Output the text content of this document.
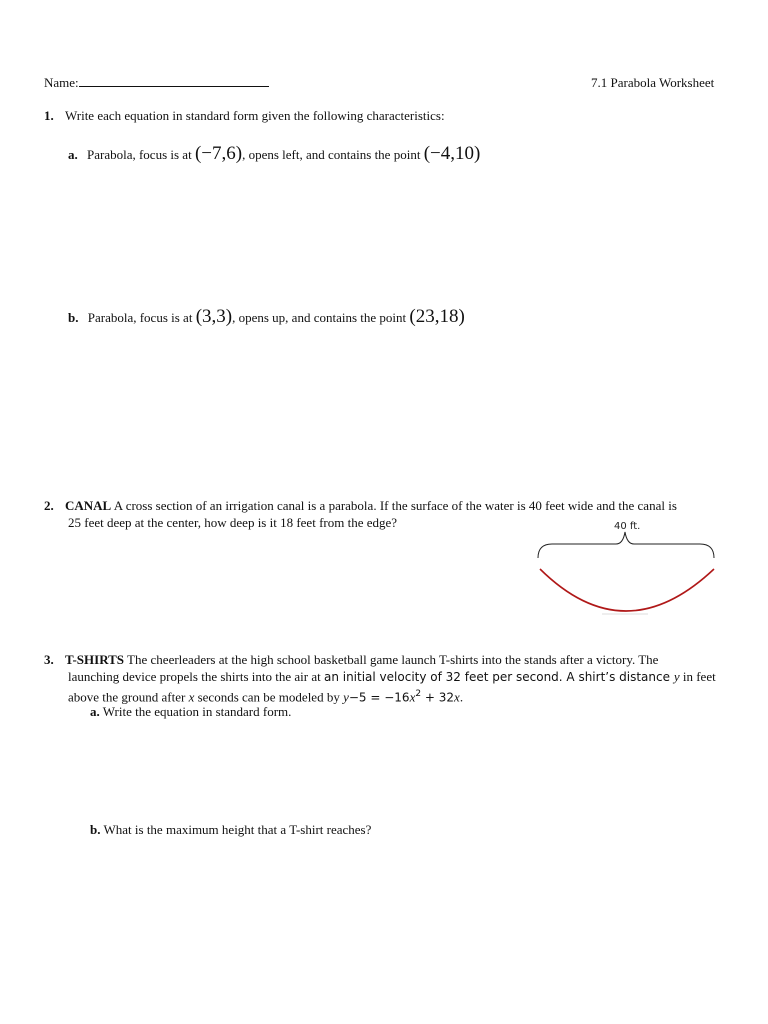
Name:	7.1 Parabola Worksheet
1. Write each equation in standard form given the following characteristics:
a. Parabola, focus is at (−7,6), opens left, and contains the point (−4,10)
b. Parabola, focus is at (3,3), opens up, and contains the point (23,18)
2. CANAL A cross section of an irrigation canal is a parabola. If the surface of the water is 40 feet wide and the canal is
25 feet deep at the center, how deep is it 18 feet from the edge?	40 ft.
3. T-SHIRTS The cheerleaders at the high school basketball game launch T-shirts into the stands after a victory. The
launching device propels the shirts into the air at an initial velocity of 32 feet per second. A shirt’s distance y in feet
above the ground after x seconds can be modeled by $y-5 = -16x^2 + 32x$.
a. Write the equation in standard form.
b. What is the maximum height that a T-shirt reaches?
